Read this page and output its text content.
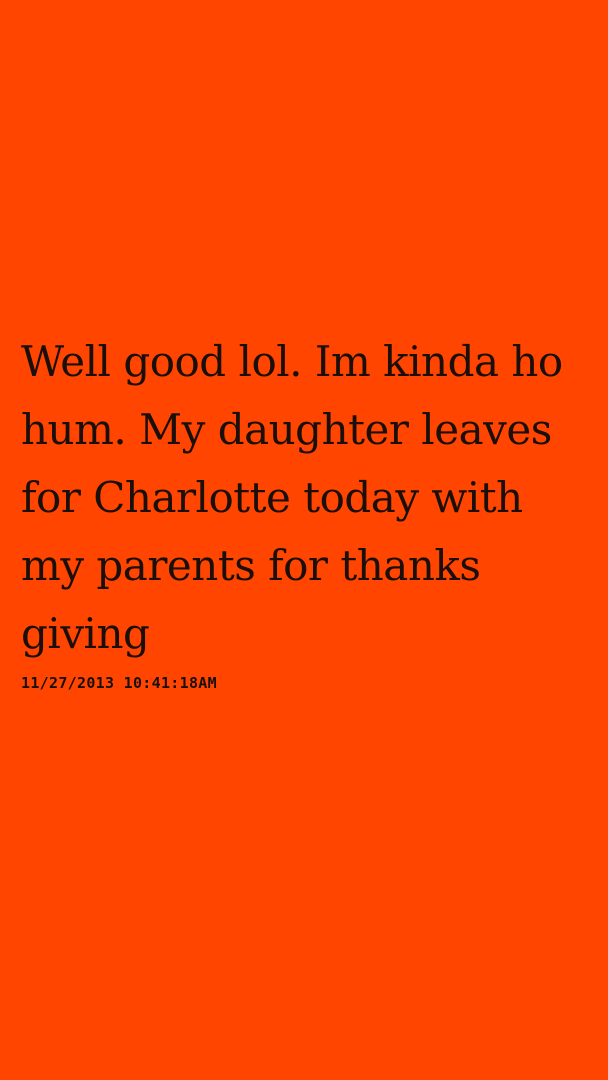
Well good lol. Im kinda ho hum. My daughter leaves for Charlotte today with my parents for thanks giving

11/27/2013 10:41:18AM
